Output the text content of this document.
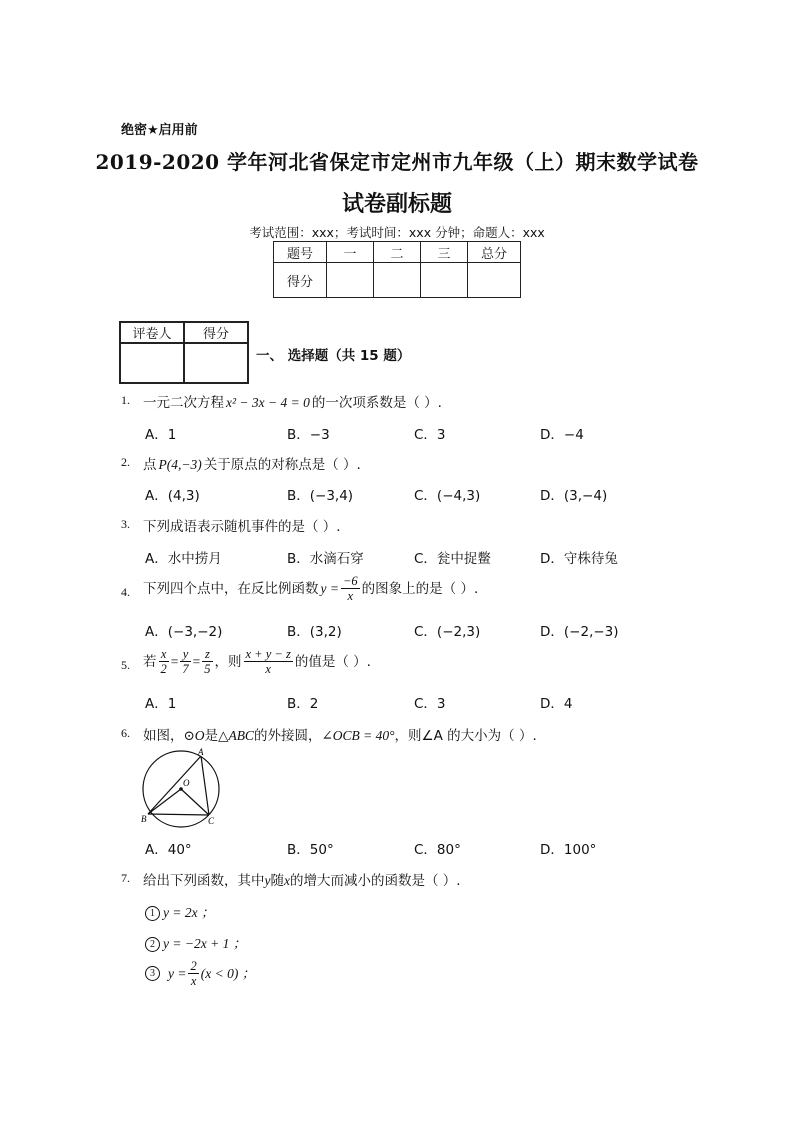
绝密★启用前
2019-2020 学年河北省保定市定州市九年级（上）期末数学试卷
试卷副标题
考试范围：xxx；考试时间：xxx 分钟；命题人：xxx
题号	一	二	三	总分
得分				
评卷人	得分

一、 选择题（共 15 题）
1. 一元二次方程 x² − 3x − 4 = 0 的一次项系数是（ ）.
A．1	B．−3	C．3	D．−4
2. 点 P(4,−3) 关于原点的对称点是（ ）.
A．(4,3)	B．(−3,4)	C．(−4,3)	D．(3,−4)
3. 下列成语表示随机事件的是（ ）.
A．水中捞月	B．水滴石穿	C．瓮中捉鳖	D．守株待兔
4. 下列四个点中，在反比例函数 $y = \frac{-6}{x}$ 的图象上的是（ ）.
A．(−3,−2)	B．(3,2)	C．(−2,3)	D．(−2,−3)
5. 若 $\frac{x}{2} = \frac{y}{7} = \frac{z}{5}$ ，则 $\frac{x + y - z}{x}$ 的值是（ ）.
A．1	B．2	C．3	D．4
6. 如图，⊙O是△ABC的外接圆，∠OCB = 40°，则∠A 的大小为（ ）.
A
B	C
O
A．40°	B．50°	C．80°	D．100°
7. 给出下列函数，其中y随x的增大而减小的函数是（ ）.
1 y = 2x ；
2 y = −2x + 1 ；
3 $y = \frac{2}{x} (x < 0)$ ；
